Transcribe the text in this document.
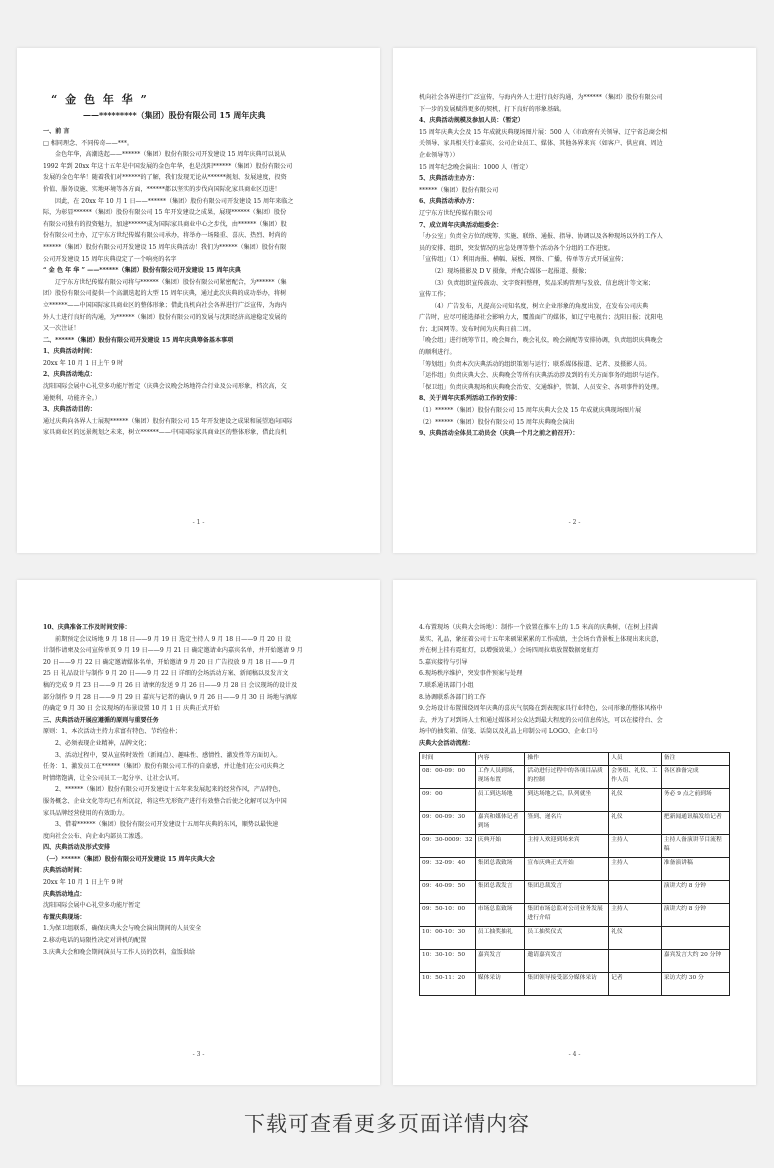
“ 金 色 年 华 ”
——*********（集团）股份有限公司 15 周年庆典
一、前 言
□ 相同理念、不同传奇——***。
金色年华，高潮迭起——******（集团）股份有限公司开发建设 15 周年庆典可以说从
1992 年到 20xx 年这十五年是中国发展的金色年华，也是沈阳******（集团）股份有限公司
发展的金色年华！随着我们对******的了解，我们发现无论从******规划、发展速度，投资
价值、服务设施、实地环境等各方面，******都以坚实的步伐向国际化家具商业区迈进！
因此，在 20xx 年 10 月 1 日——******（集团）股份有限公司开发建设 15 周年来临之
际，为彰显******（集团）股份有限公司 15 年开发建设之成果，展现******（集团）股份
有限公司独有的投资魅力，加速******成为国际家具商业中心之步伐，由******（集团）股
份有限公司主办，辽宁东方世纪传媒有限公司承办，将举办一场隆重、喜庆、热烈、时尚的
******（集团）股份有限公司开发建设 15 周年庆典活动！我们为******（集团）股份有限
公司开发建设 15 周年庆典设定了一个响亮的名字
“ 金 色 年 华 ” ——******（集团）股份有限公司开发建设 15 周年庆典
辽宁东方世纪传媒有限公司将与******（集团）股份有限公司紧密配合，为******（集
团）股份有限公司提供一个高潮迭起的大型 15 周年庆典，通过此次庆典的成功举办，将树
立******——中国国际家具商业区的整体形象；借此良机向社会各界进行广泛宣传，为海内
外人士进行良好的沟通，为******（集团）股份有限公司的发展与沈阳经济高速稳定发展的
又一次注证！
二、******（集团）股份有限公司开发建设 15 周年庆典筹备基本事项
1、庆典活动时间：
20xx 年 10 月 1 日上午 9 时
2、庆典活动地点：
沈阳国际会展中心礼堂多功能厅暂定（庆典会议晚会场地符合行业及公司形象，档次高，交
通便利，功能齐全。）
3、庆典活动目的：
通过庆典向各界人士展现******（集团）股份有限公司 15 年开发建设之成果和展望追向国际
家具商业区的远景规划之未来，树立******——中国国际家具商业区的整体形象，借此良机
- 1 -
机向社会各界进行广泛宣传，与海内外人士进行良好沟通，为******（集团）股份有限公司
下一步的发展赋得更多的契机，打下良好的形象基础。
4、庆典活动规模及参加人员：（暂定）
15 周年庆典大会及 15 年成就庆典现场图片展：500 人（市政府有关领导、辽宁省总商会相
关领导、家具相关行业嘉宾、公司企业员工、媒体、其他各界来宾（如客户、供应商、周边
企业领导等））
15 周年纪念晚会演出：1000 人（暂定）
5、庆典活动主办方：
******（集团）股份有限公司
6、庆典活动承办方：
辽宁东方世纪传媒有限公司
7、成立周年庆典活动组委会：
「办公室」负责全方位的统筹、实施、联络、通报、指导、协调以及各种现场以外的工作人
员的安排、组织，突发情况的应急处理等整个活动各个分组的工作进度。
「宣传组」（1）利用海报、横幅、展板、网络、广播，传单等方式开展宣传；
（2）现场摄影及 D V 摄像，并配合媒体一起报道、摄像；
（3）负责组织宣传鼓动、文字资料整理，奖品采购管理与发放、信息统计等文案；
宣传工作；
（4）广告发布，凡提高公司知名度，树立企业形象的角度出发，在发布公司庆典
广告时，应尽可能选择社会影响力大，覆盖面广的媒体，如辽宁电视台；沈阳日报；沈阳电
台；北国网等。发布时间为庆典日前二周。
「晚会组」进行统筹节目，晚会舞台，晚会礼仪，晚会剧配等安排协调，负责组织庆典晚会
的顺利进行。
「筹划组」负责本次庆典活动的组织策划与运行；联系媒体报道、记者、及摄影人员。
「运作组」负责庆典大会、庆典晚会等所有庆典活动涉及到的有关方面事务的组织与运作。
「保卫组」负责庆典现场和庆典晚会治安、交通维护，管制、人员安全、各项事件的处理。
8、关于周年庆系列活动工作的安排：
（1）******（集团）股份有限公司 15 周年庆典大会及 15 年成就庆典现场图片展
（2）******（集团）股份有限公司 15 周年庆典晚会演出
9、庆典活动全体员工动员会（庆典一个月之前之前召开）：
- 2 -
10、庆典准备工作及时间安排：
前期预定会议场地 9 月 18 日——9 月 19 日 选定主持人 9 月 18 日——9 月 20 日 设
计制作请柬及公司宣传单页 9 月 19 日——9 月 21 日 确定邀请业内嘉宾名单，并开始邀请 9 月
20 日——9 月 22 日 确定邀请媒体名单，开始邀请 9 月 20 日 广告投放 9 月 18 日——9 月
25 日 礼品设计与制作 9 月 20 日——9 月 22 日 详细的会场活动方案、新闻稿以及发言文
稿的完成 9 月 23 日——9 月 26 日 请柬的发送 9 月 26 日——9 月 28 日 会议现场的设计及
部分制作 9 月 28 日——9 月 29 日 嘉宾与记者的确认 9 月 26 日——9 月 30 日 场地与酒席
的确定 9 月 30 日 会议现场的布景设置 10 月 1 日 庆典正式开始
三、庆典活动开展应遵循的原则与重要任务
原则：1、本次活动主持力求富有特色、节约俭朴；
2、必须表现企业精神，品牌文化；
3、活动过程中，要从宣传时效性（新闻点）、趣味性、感情性、激发性等方面切入。
任务：1、激发员工在******（集团）股份有限公司工作的自豪感，并让他们在公司庆典之
时情绪饱满，让全公司员工一起分享、让社会认可。
2、******（集团）股份有限公司开发建设十五年来发展起来的经营作风，产品特色，
服务概念、企业文化等均已有所沉淀，将这些无形资产进行有效整合后使之化解可以为中国
家具品牌经营使用的有效助力。
3、借着******（集团）股份有限公司开发建设十五周年庆典的东风，顺势以最快速
度向社会公布、向企业内部员工渗透。
四、庆典活动及形式安排
（一）******（集团）股份有限公司开发建设 15 周年庆典大会
庆典活动时间：
20xx 年 10 月 1 日上午 9 时
庆典活动地点：
沈阳国际会展中心礼堂多功能厅暂定
布置庆典现场：
1.为保卫组联系，确保庆典大会与晚会演出期间的人员安全
2.移动电话的局限性决定对讲机的配置
3.庆典大会和晚会期间演员与工作人员的饮料，盒饭供给
- 3 -
4.布置现场（庆典大会场地）：制作一个放置在推车上的 1.5 米高的庆典树，（在树上挂满
果实、礼品，象征着公司十五年来硕果累累的工作成绩，主会场台背景板上体现出来庆意，
并在树上挂有霓虹灯，以增强效果。）会场四周拉墙放置数据宽虹灯
5.嘉宾接待与引导
6.现场秩序维护，突发事件预案与处理
7.联系通讯部门小组
8.协调联系各部门的工作
9.会场设计布置围绕周年庆典的喜庆气氛隆在到表现家具行业特色，公司形象的整体风格中
去，并为了对到场人士和通过媒体对公众达到最大程度的公司信息传达，可以在接待台、会
场中的抽奖箱、信笺、话筒以及礼品上印制公司 LOGO、企业口号
庆典大会活动流程：
时间	内容	操作	人员	备注
08：00-09：00	工作人员到场，现场布置	活动进行过程中的各项目品质的控制	会务组、礼仪、工作人员	各区准备完成
09：00	员工到达场地	到达场地之后，队列就坐	礼仪	务必 9 点之前到场
09：00-09：30	嘉宾和媒体记者到场	签到、递名片	礼仪	把新闻通讯稿发给记者
09：30-0009：32	庆典开始	主持人欢迎到场来宾	主持人	主持人备演讲节目流程稿
09：32-09：40	集团总裁致场	宣布庆典正式开始	主持人	准备演讲稿
09：40-09：50	集团总裁发言	集团总裁发言		演讲大约 8 分钟
09：50-10：00	市场总监致场	集团市场总监对公司业务发展进行介绍	主持人	演讲大约 8 分钟
10：00-10：30	员工抽奖抽礼	员工抽奖仪式	礼仪	
10：30-10：50	嘉宾发言	邀请嘉宾发言		嘉宾发言大约 20 分钟
10：50-11：20	媒体采访	集团领导接受部分媒体采访	记者	采访大约 30 分
- 4 -
下载可查看更多页面详情内容
